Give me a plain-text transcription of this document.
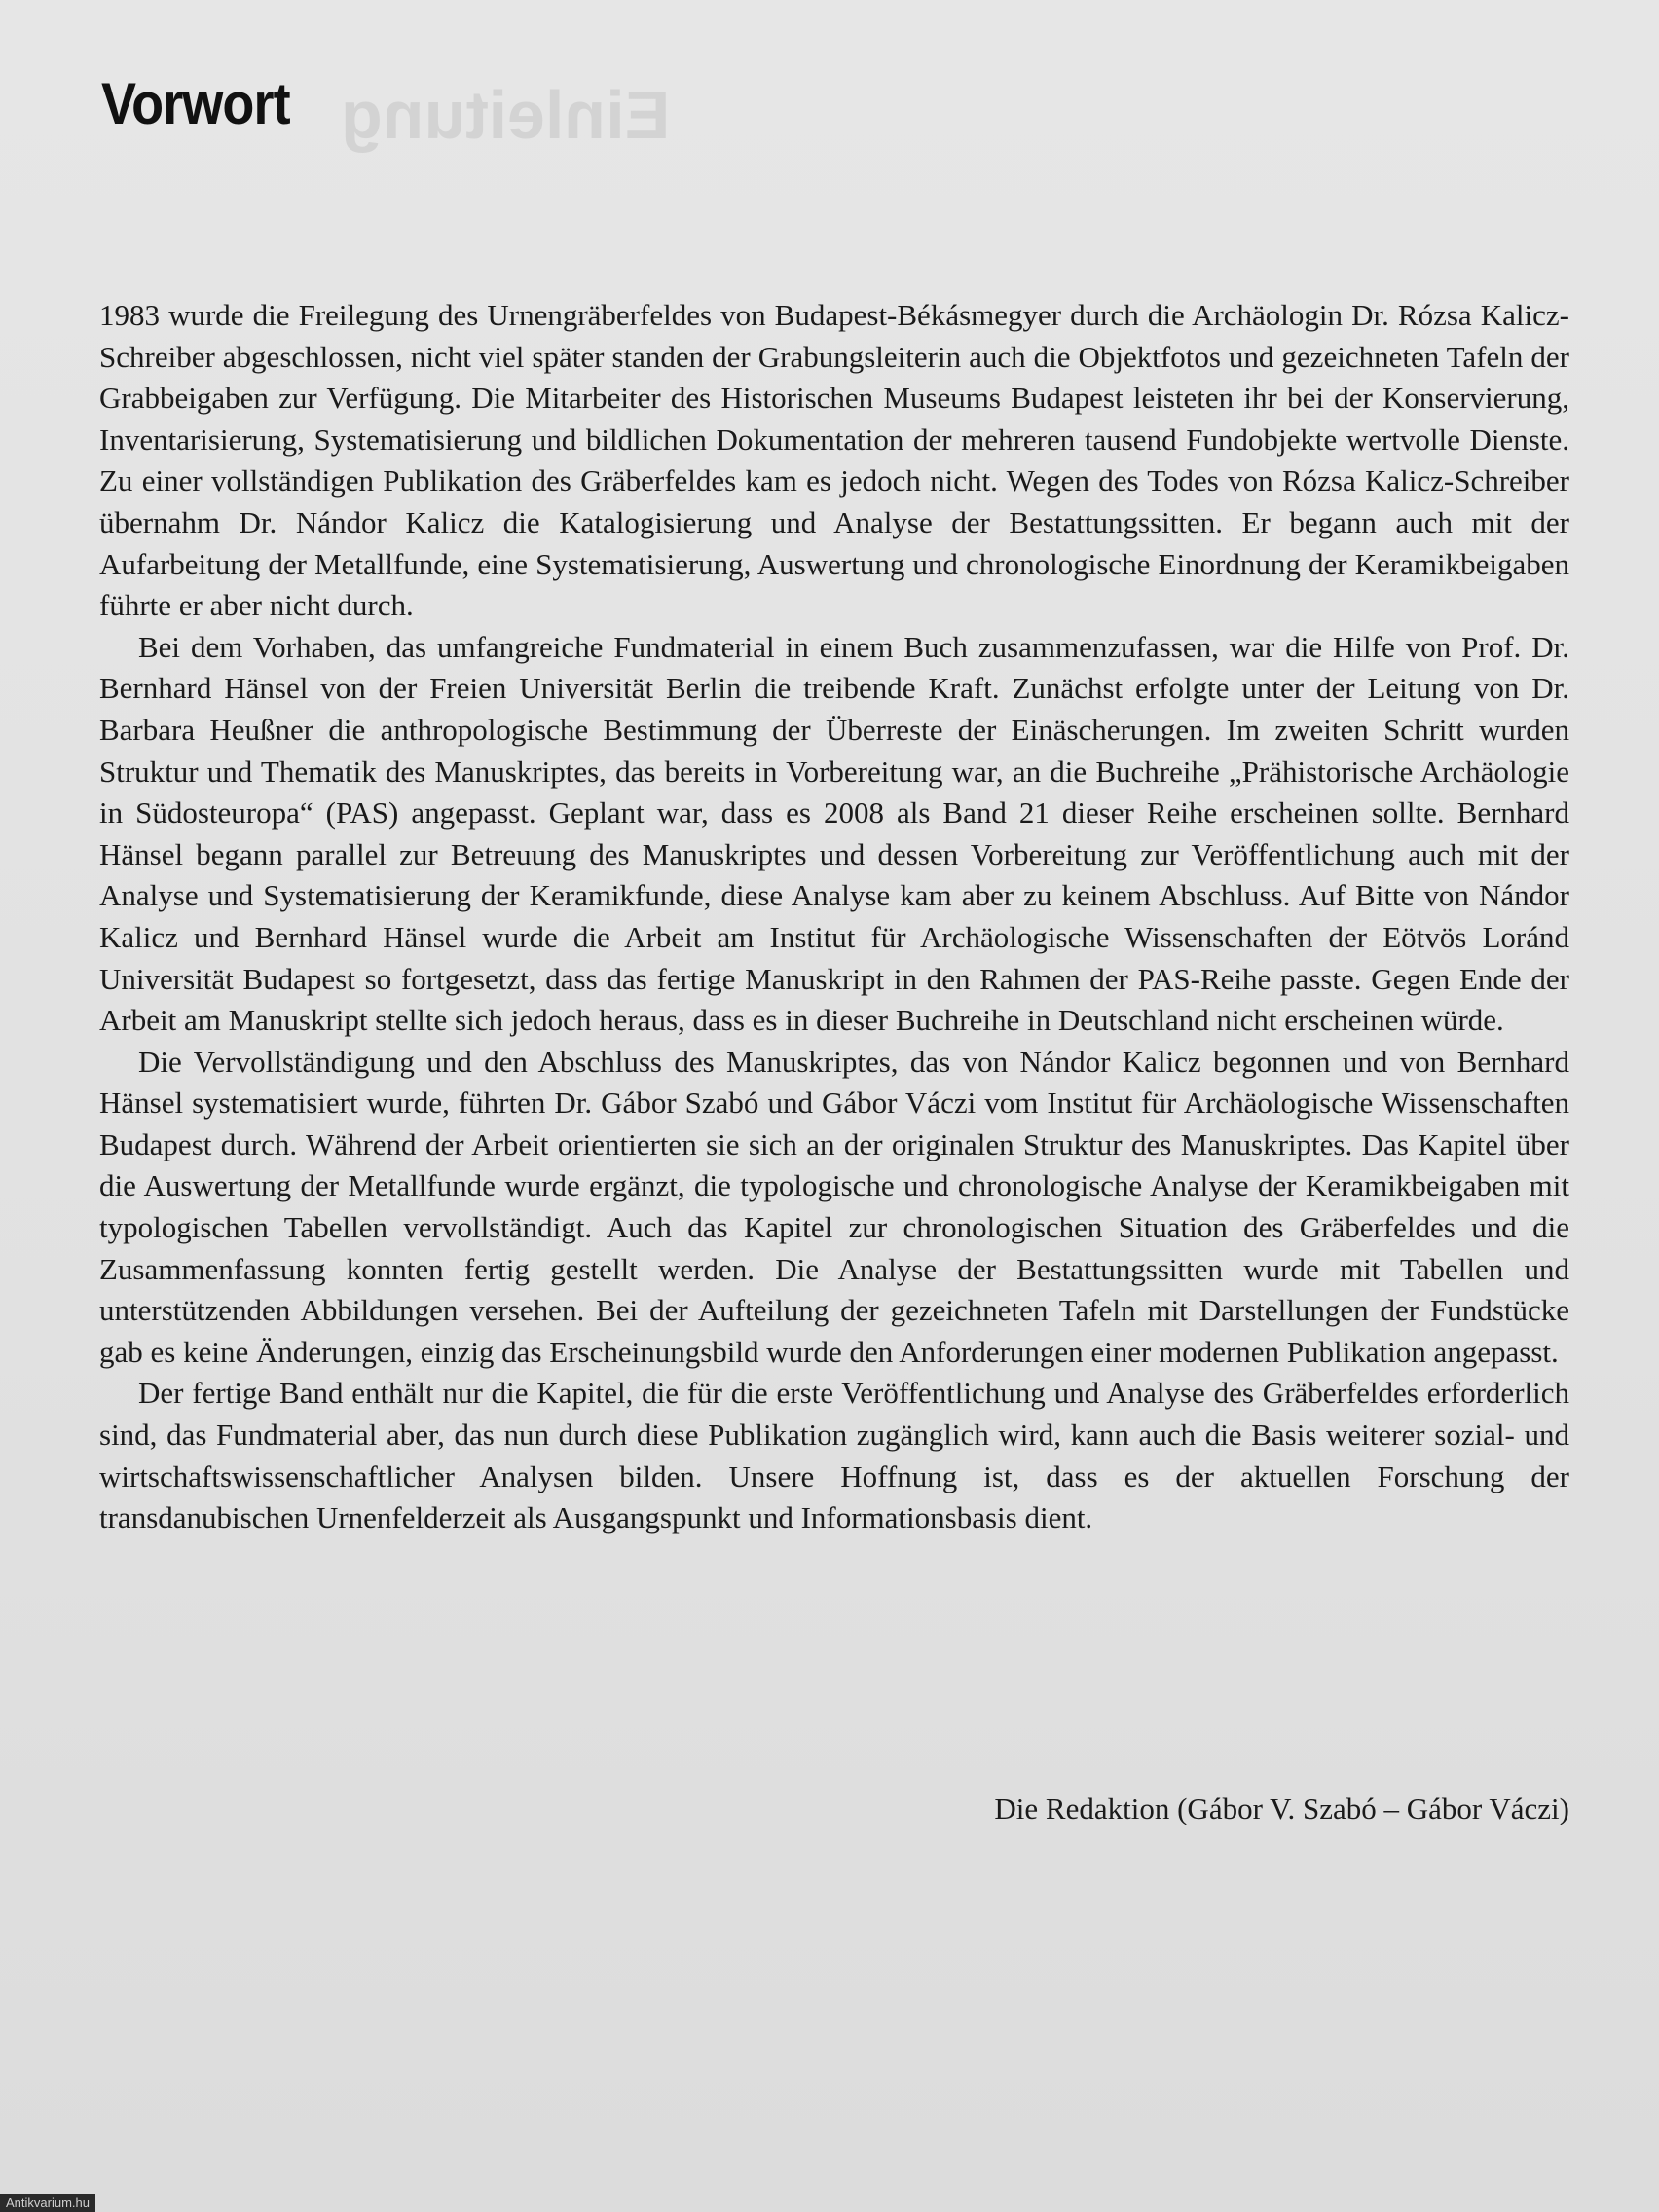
Einleitung
Vorwort

1983 wurde die Freilegung des Urnengräberfeldes von Budapest-Békásmegyer durch die Archäologin Dr. Rózsa Kalicz-Schreiber abgeschlossen, nicht viel später standen der Grabungsleiterin auch die Objektfotos und gezeichneten Tafeln der Grabbeigaben zur Verfügung. Die Mitarbeiter des Historischen Museums Budapest leisteten ihr bei der Konservierung, Inventarisierung, Systematisierung und bildlichen Dokumentation der mehreren tausend Fundobjekte wertvolle Dienste. Zu einer vollständigen Publikation des Gräberfeldes kam es jedoch nicht. Wegen des Todes von Rózsa Kalicz-Schreiber übernahm Dr. Nándor Kalicz die Katalogisierung und Analyse der Bestattungssitten. Er begann auch mit der Aufarbeitung der Metallfunde, eine Systematisierung, Auswertung und chronologische Einordnung der Keramikbeigaben führte er aber nicht durch.

Bei dem Vorhaben, das umfangreiche Fundmaterial in einem Buch zusammenzufassen, war die Hilfe von Prof. Dr. Bernhard Hänsel von der Freien Universität Berlin die treibende Kraft. Zunächst erfolgte unter der Leitung von Dr. Barbara Heußner die anthropologische Bestimmung der Überreste der Einäscherungen. Im zweiten Schritt wurden Struktur und Thematik des Manuskriptes, das bereits in Vorbereitung war, an die Buchreihe „Prähistorische Archäologie in Südosteuropa“ (PAS) angepasst. Geplant war, dass es 2008 als Band 21 dieser Reihe erscheinen sollte. Bernhard Hänsel begann parallel zur Betreuung des Manuskriptes und dessen Vorbereitung zur Veröffentlichung auch mit der Analyse und Systematisierung der Keramikfunde, diese Analyse kam aber zu keinem Abschluss. Auf Bitte von Nándor Kalicz und Bernhard Hänsel wurde die Arbeit am Institut für Archäologische Wissenschaften der Eötvös Loránd Universität Budapest so fortgesetzt, dass das fertige Manuskript in den Rahmen der PAS-Reihe passte. Gegen Ende der Arbeit am Manuskript stellte sich jedoch heraus, dass es in dieser Buchreihe in Deutschland nicht erscheinen würde.

Die Vervollständigung und den Abschluss des Manuskriptes, das von Nándor Kalicz begonnen und von Bernhard Hänsel systematisiert wurde, führten Dr. Gábor Szabó und Gábor Váczi vom Institut für Archäologische Wissenschaften Budapest durch. Während der Arbeit orientierten sie sich an der originalen Struktur des Manuskriptes. Das Kapitel über die Auswertung der Metallfunde wurde ergänzt, die typologische und chronologische Analyse der Keramikbeigaben mit typologischen Tabellen vervollständigt. Auch das Kapitel zur chronologischen Situation des Gräberfeldes und die Zusammenfassung konnten fertig gestellt werden. Die Analyse der Bestattungssitten wurde mit Tabellen und unterstützenden Abbildungen versehen. Bei der Aufteilung der gezeichneten Tafeln mit Darstellungen der Fundstücke gab es keine Änderungen, einzig das Erscheinungsbild wurde den Anforderungen einer modernen Publikation angepasst.

Der fertige Band enthält nur die Kapitel, die für die erste Veröffentlichung und Analyse des Gräberfeldes erforderlich sind, das Fundmaterial aber, das nun durch diese Publikation zugänglich wird, kann auch die Basis weiterer sozial- und wirtschaftswissenschaftlicher Analysen bilden. Unsere Hoffnung ist, dass es der aktuellen Forschung der transdanubischen Urnenfelderzeit als Ausgangspunkt und Informationsbasis dient.

Die Redaktion (Gábor V. Szabó – Gábor Váczi)
Antikvarium.hu
